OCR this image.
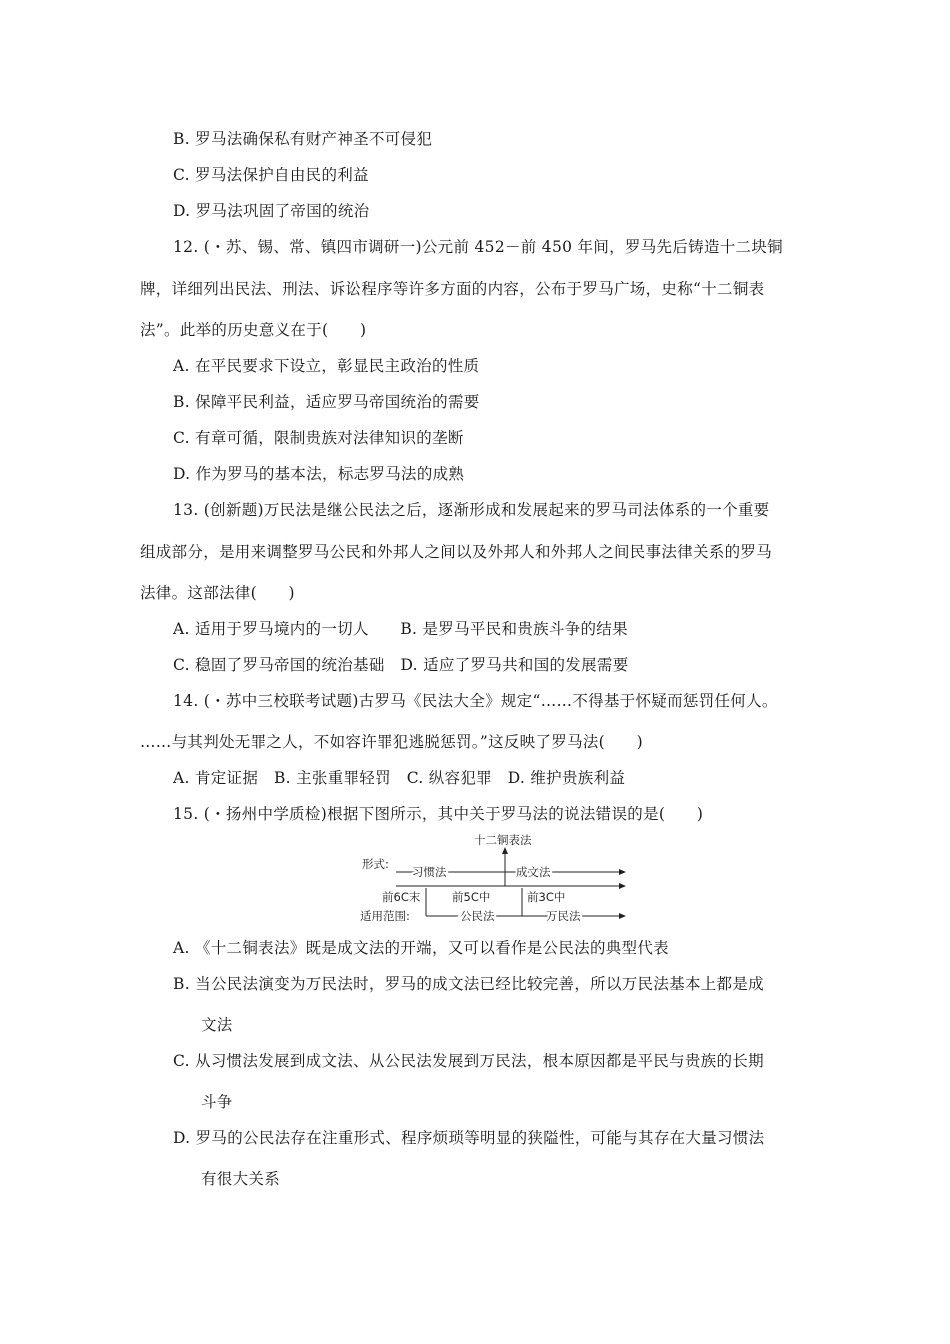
B. 罗马法确保私有财产神圣不可侵犯
C. 罗马法保护自由民的利益
D. 罗马法巩固了帝国的统治
12. (・苏、锡、常、镇四市调研一)公元前 452－前 450 年间，罗马先后铸造十二块铜
牌，详细列出民法、刑法、诉讼程序等许多方面的内容，公布于罗马广场，史称“十二铜表
法”。此举的历史意义在于(　　)
A. 在平民要求下设立，彰显民主政治的性质
B. 保障平民利益，适应罗马帝国统治的需要
C. 有章可循，限制贵族对法律知识的垄断
D. 作为罗马的基本法，标志罗马法的成熟
13. (创新题)万民法是继公民法之后，逐渐形成和发展起来的罗马司法体系的一个重要
组成部分，是用来调整罗马公民和外邦人之间以及外邦人和外邦人之间民事法律关系的罗马
法律。这部法律(　　)
A. 适用于罗马境内的一切人　　B. 是罗马平民和贵族斗争的结果
C. 稳固了罗马帝国的统治基础　D. 适应了罗马共和国的发展需要
14. (・苏中三校联考试题)古罗马《民法大全》规定“……不得基于怀疑而惩罚任何人。
……与其判处无罪之人，不如容许罪犯逃脱惩罚。”这反映了罗马法(　　)
A. 肯定证据　B. 主张重罪轻罚　C. 纵容犯罪　D. 维护贵族利益
15. (・扬州中学质检)根据下图所示，其中关于罗马法的说法错误的是(　　)
十二铜表法
形式:
习惯法	成文法
前6C末	前5C中	前3C中
适用范围:	公民法	万民法
A. 《十二铜表法》既是成文法的开端，又可以看作是公民法的典型代表
B. 当公民法演变为万民法时，罗马的成文法已经比较完善，所以万民法基本上都是成
文法
C. 从习惯法发展到成文法、从公民法发展到万民法，根本原因都是平民与贵族的长期
斗争
D. 罗马的公民法存在注重形式、程序烦琐等明显的狭隘性，可能与其存在大量习惯法
有很大关系
